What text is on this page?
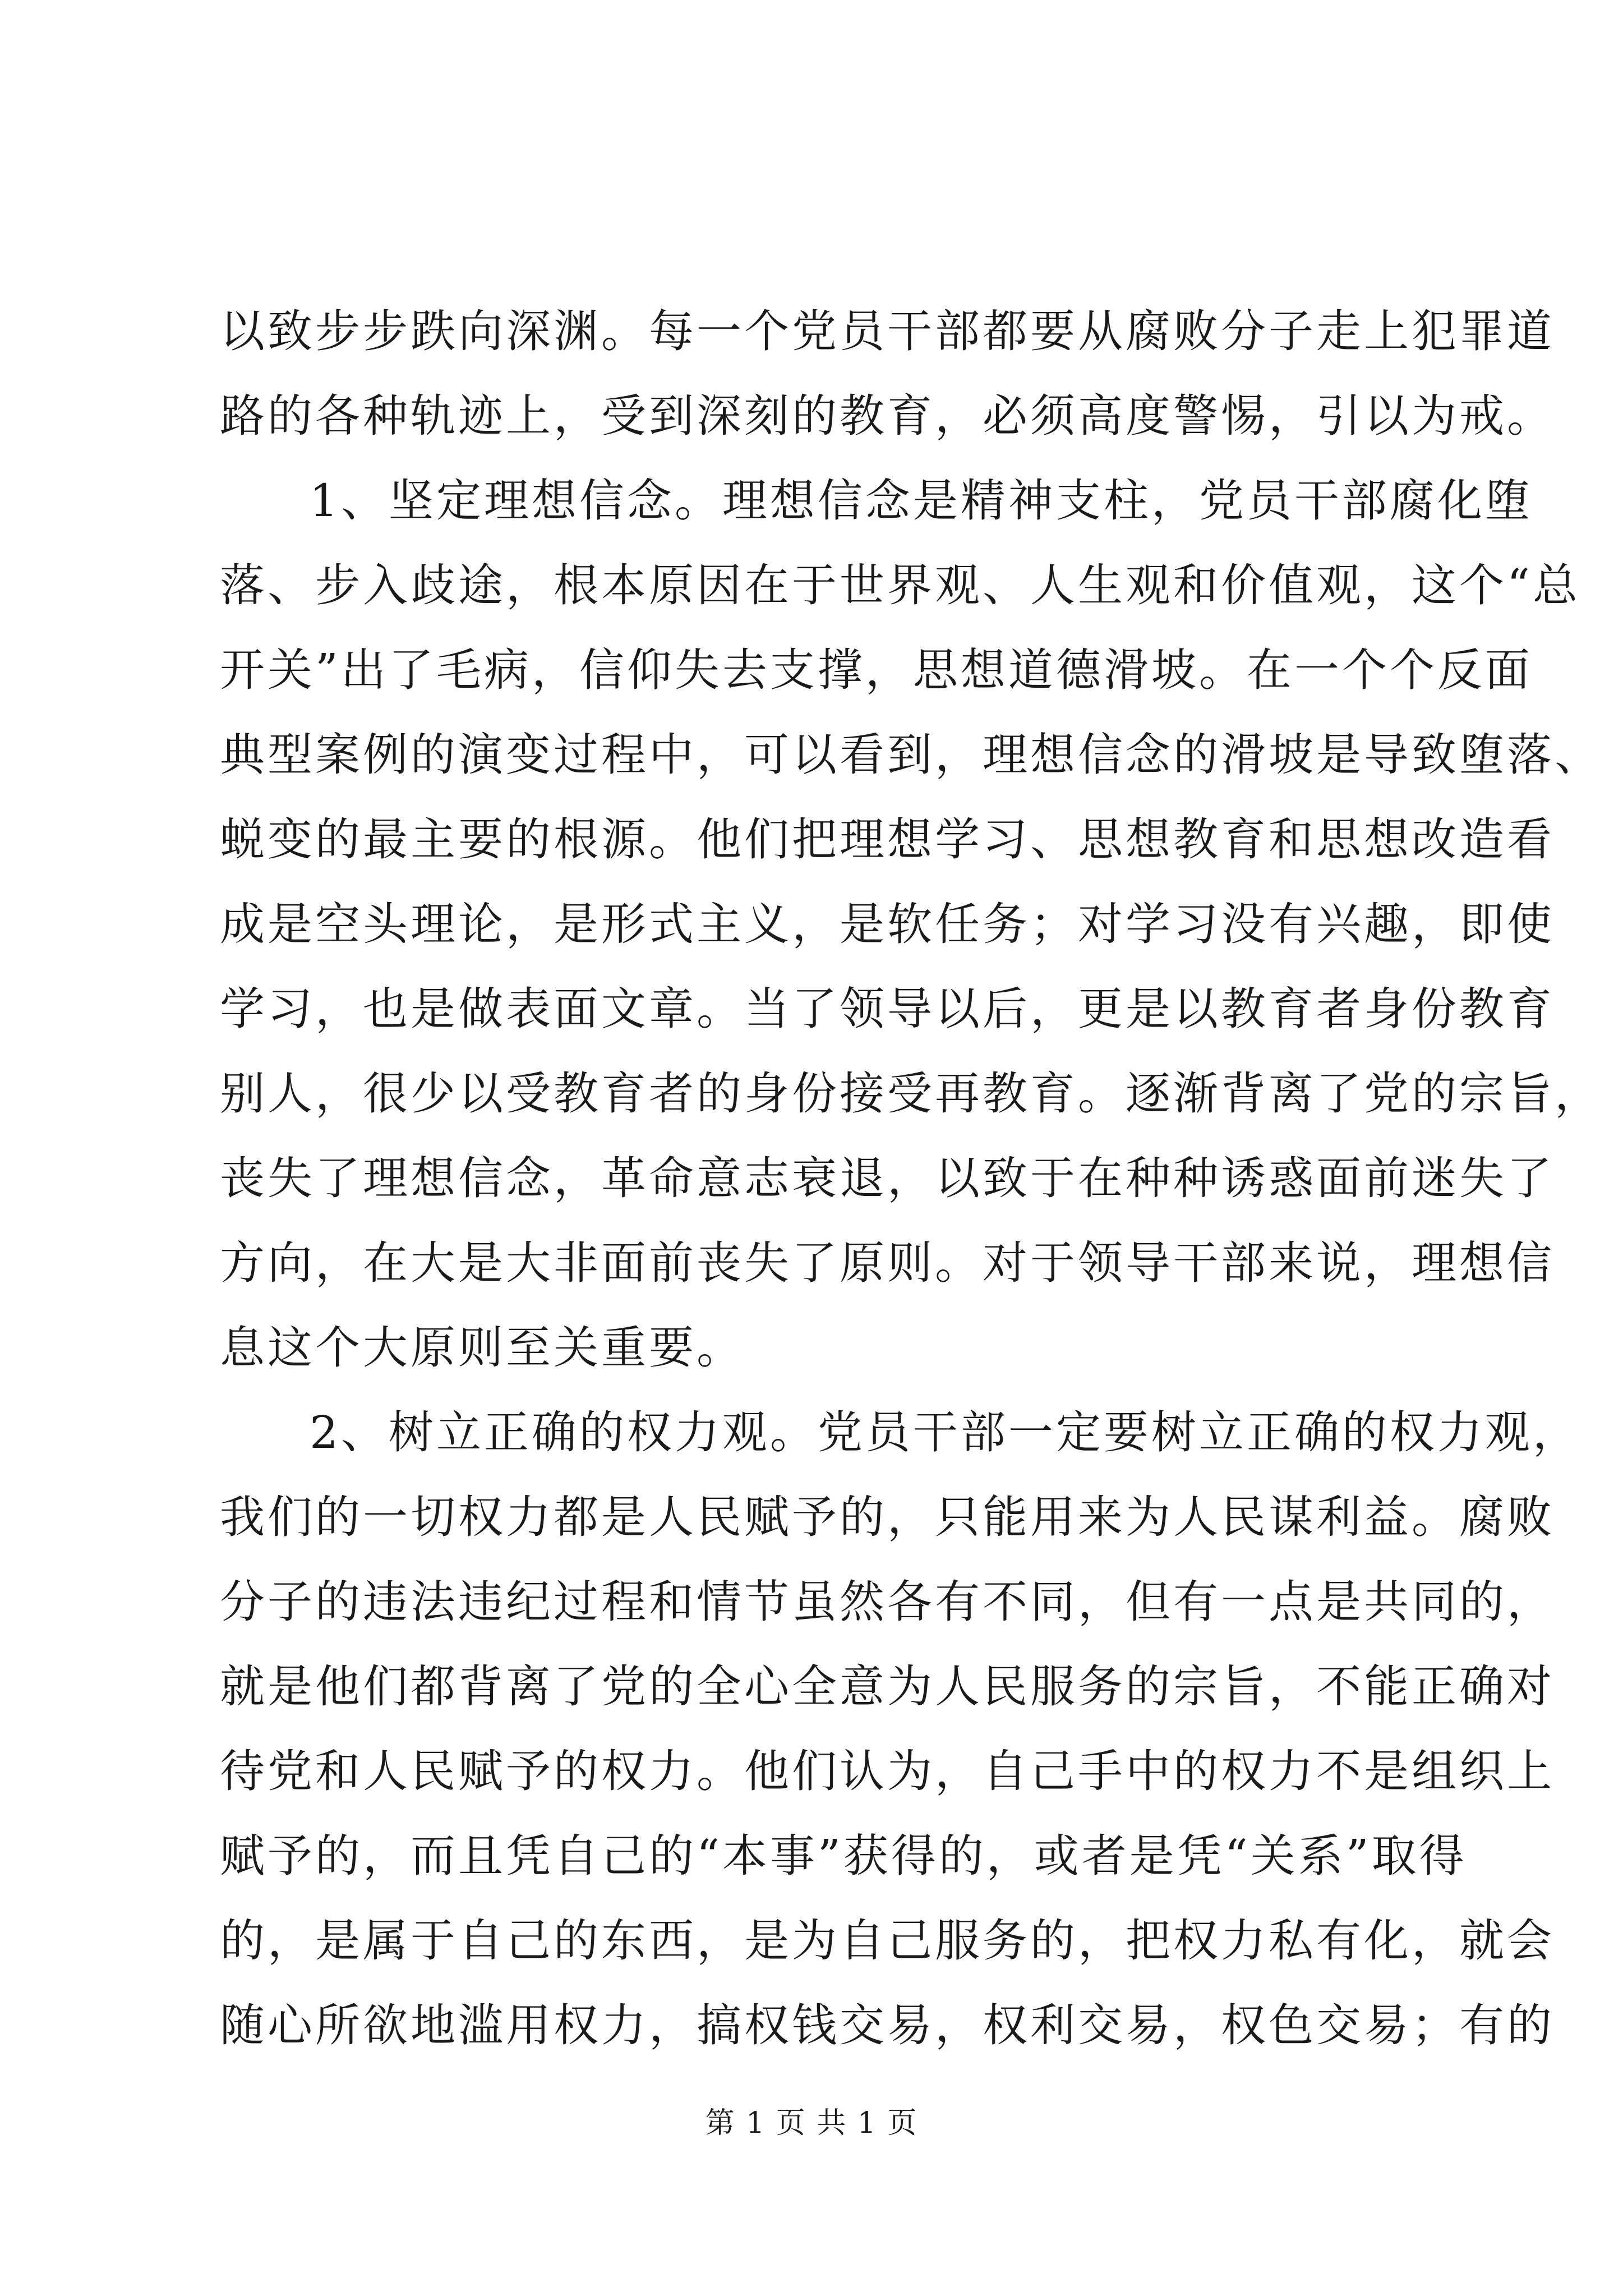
以致步步跌向深渊。每一个党员干部都要从腐败分子走上犯罪道
路的各种轨迹上，受到深刻的教育，必须高度警惕，引以为戒。
1、坚定理想信念。理想信念是精神支柱，党员干部腐化堕
落、步入歧途，根本原因在于世界观、人生观和价值观，这个“总
开关”出了毛病，信仰失去支撑，思想道德滑坡。在一个个反面
典型案例的演变过程中，可以看到，理想信念的滑坡是导致堕落、
蜕变的最主要的根源。他们把理想学习、思想教育和思想改造看
成是空头理论，是形式主义，是软任务；对学习没有兴趣，即使
学习，也是做表面文章。当了领导以后，更是以教育者身份教育
别人，很少以受教育者的身份接受再教育。逐渐背离了党的宗旨，
丧失了理想信念，革命意志衰退，以致于在种种诱惑面前迷失了
方向，在大是大非面前丧失了原则。对于领导干部来说，理想信
息这个大原则至关重要。
2、树立正确的权力观。党员干部一定要树立正确的权力观，
我们的一切权力都是人民赋予的，只能用来为人民谋利益。腐败
分子的违法违纪过程和情节虽然各有不同，但有一点是共同的，
就是他们都背离了党的全心全意为人民服务的宗旨，不能正确对
待党和人民赋予的权力。他们认为，自己手中的权力不是组织上
赋予的，而且凭自己的“本事”获得的，或者是凭“关系”取得
的，是属于自己的东西，是为自己服务的，把权力私有化，就会
随心所欲地滥用权力，搞权钱交易，权利交易，权色交易；有的
第 1 页 共 1 页
